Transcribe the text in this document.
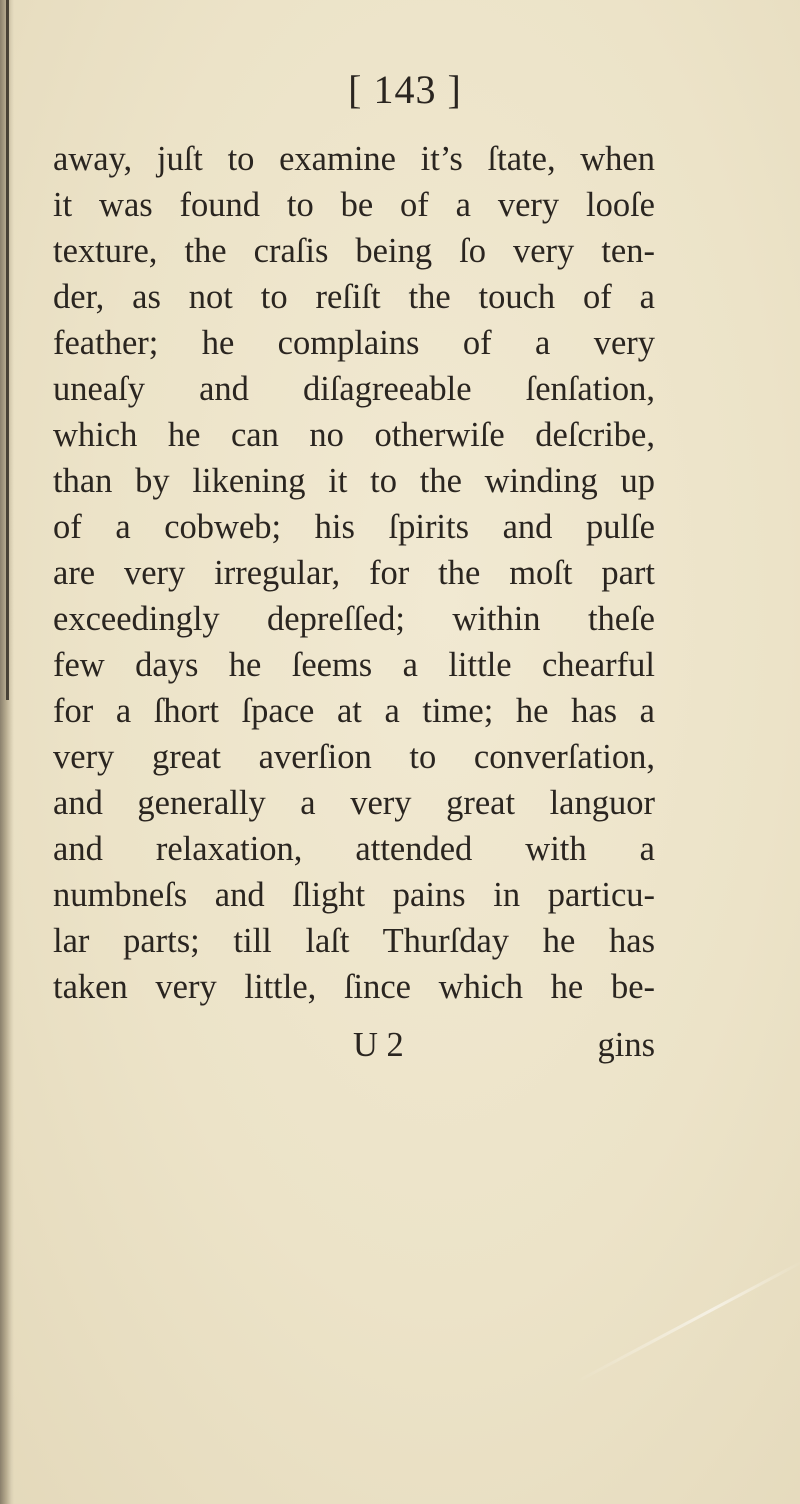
[ 143 ]
away, juſt to examine it’s ſtate, when
it was found to be of a very looſe
texture, the craſis being ſo very ten-
der, as not to reſiſt the touch of a
feather; he complains of a very
uneaſy and diſagreeable ſenſation,
which he can no otherwiſe deſcribe,
than by likening it to the winding up
of a cobweb; his ſpirits and pulſe
are very irregular, for the moſt part
exceedingly depreſſed; within theſe
few days he ſeems a little chearful
for a ſhort ſpace at a time; he has a
very great averſion to converſation,
and generally a very great languor
and relaxation, attended with a
numbneſs and ſlight pains in particu-
lar parts; till laſt Thurſday he has
taken very little, ſince which he be-
U 2	gins
